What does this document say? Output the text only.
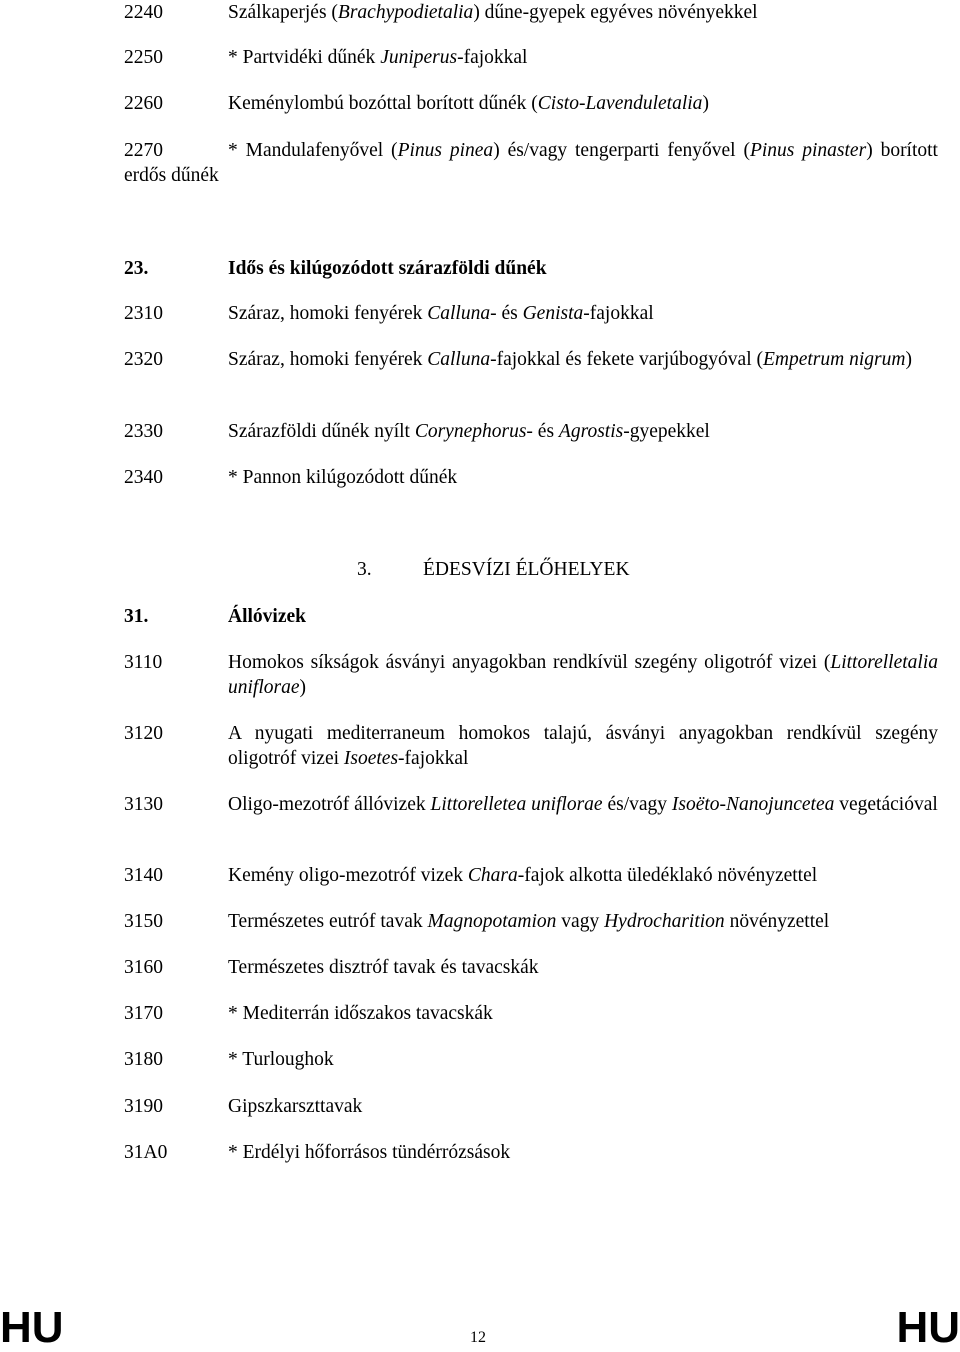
2240	Szálkaperjés (Brachypodietalia) dűne-gyepek egyéves növényekkel
2250	* Partvidéki dűnék Juniperus-fajokkal
2260	Keménylombú bozóttal borított dűnék (Cisto-Lavenduletalia)
2270	* Mandulafenyővel (Pinus pinea) és/vagy tengerparti fenyővel (Pinus pinaster) borított erdős dűnék
23.	Idős és kilúgozódott szárazföldi dűnék
2310	Száraz, homoki fenyérek Calluna- és Genista-fajokkal
2320	Száraz, homoki fenyérek Calluna-fajokkal és fekete varjúbogyóval (Empetrum nigrum)
2330	Szárazföldi dűnék nyílt Corynephorus- és Agrostis-gyepekkel
2340	* Pannon kilúgozódott dűnék
3.	ÉDESVÍZI ÉLŐHELYEK
31.	Állóvizek
3110	Homokos síkságok ásványi anyagokban rendkívül szegény oligotróf vizei (Littorelletalia uniflorae)
3120	A nyugati mediterraneum homokos talajú, ásványi anyagokban rendkívül szegény oligotróf vizei Isoetes-fajokkal
3130	Oligo-mezotróf állóvizek Littorelletea uniflorae és/vagy Isoëto-Nanojuncetea vegetációval
3140	Kemény oligo-mezotróf vizek Chara-fajok alkotta üledéklakó növényzettel
3150	Természetes eutróf tavak Magnopotamion vagy Hydrocharition növényzettel
3160	Természetes disztróf tavak és tavacskák
3170	* Mediterrán időszakos tavacskák
3180	* Turloughok
3190	Gipszkarszttavak
31A0	* Erdélyi hőforrásos tündérrózsások
HU	12	HU
